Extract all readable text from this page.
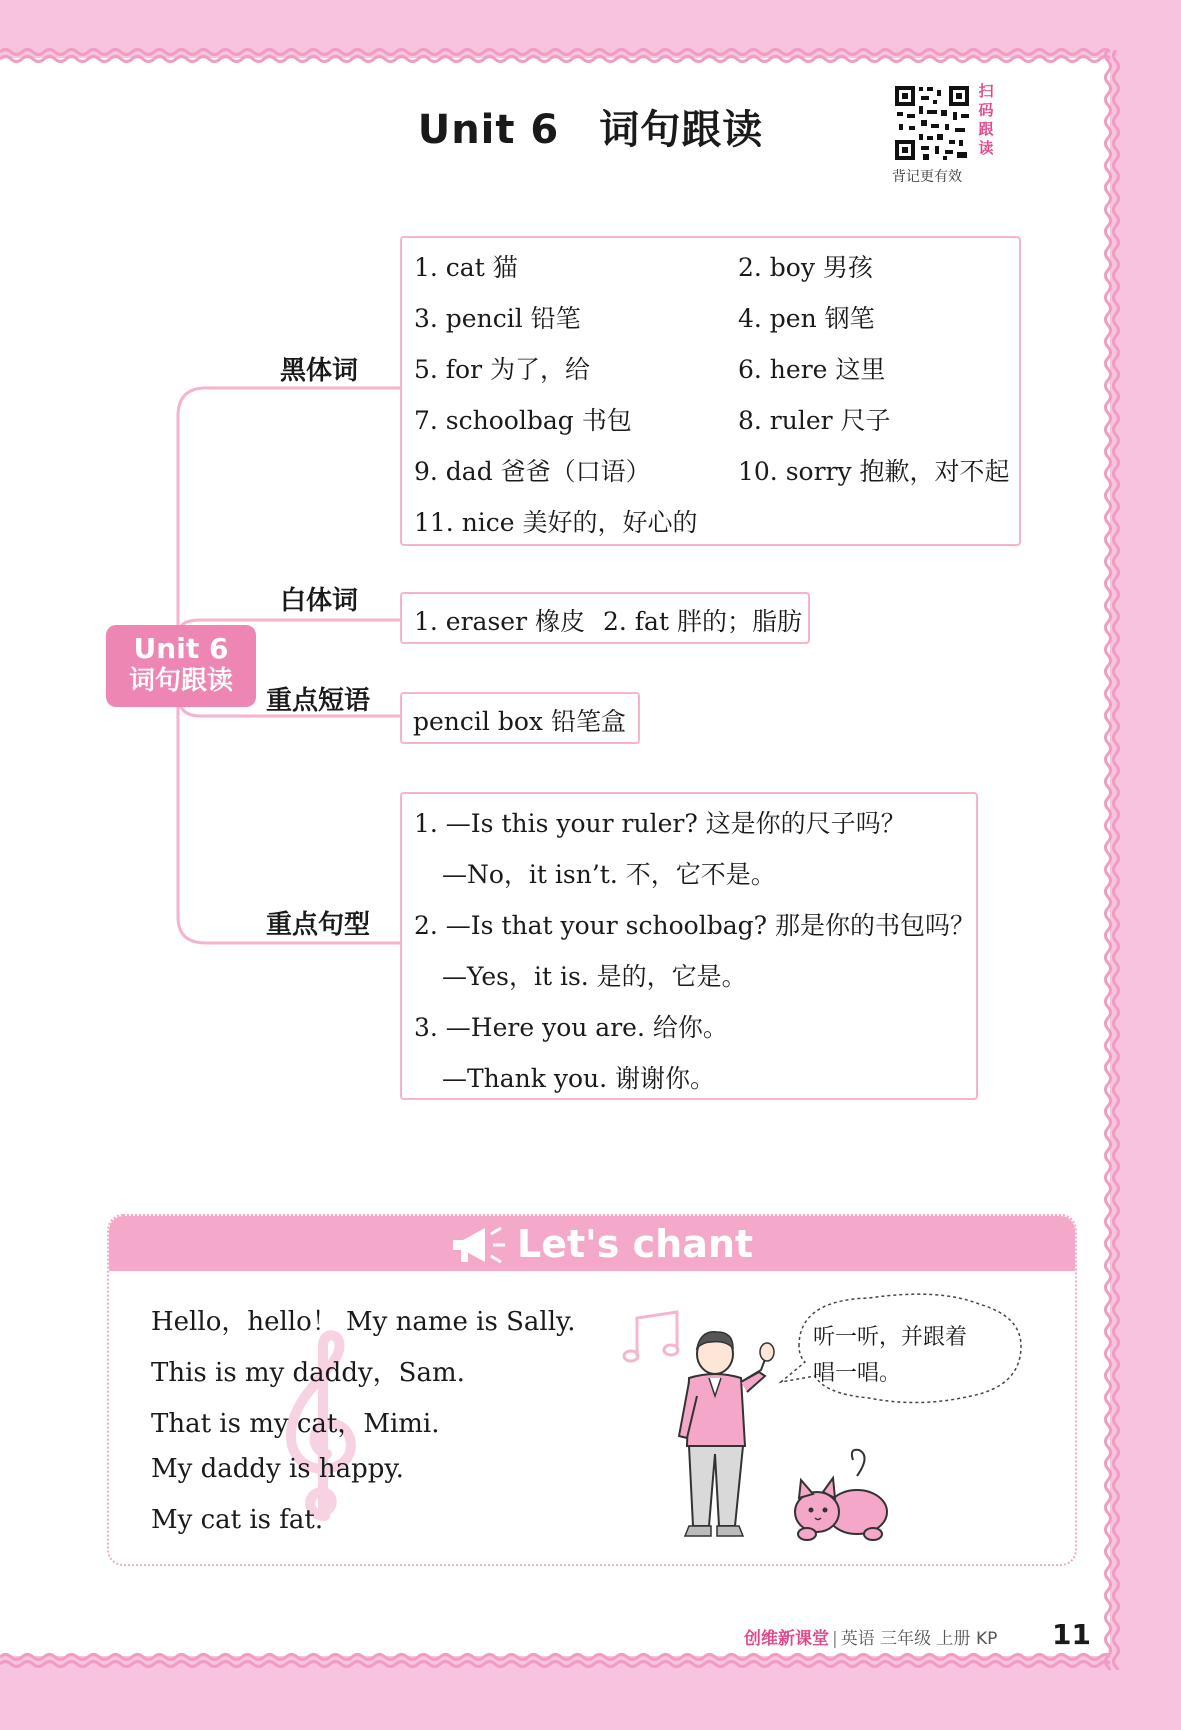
Unit 6 词句跟读
扫码跟读
背记更有效
Unit 6
词句跟读
黑体词
白体词
重点短语
重点句型
1. cat 猫	2. boy 男孩
3. pencil 铅笔	4. pen 钢笔
5. for 为了，给	6. here 这里
7. schoolbag 书包	8. ruler 尺子
9. dad 爸爸（口语）	10. sorry 抱歉，对不起
11. nice 美好的，好心的
1. eraser 橡皮 2. fat 胖的；脂肪
pencil box 铅笔盒
1. —Is this your ruler? 这是你的尺子吗？
—No，it isn’t. 不，它不是。
2. —Is that your schoolbag? 那是你的书包吗？
—Yes，it is. 是的，它是。
3. —Here you are. 给你。
—Thank you. 谢谢你。
Let's chant
Hello，hello！ My name is Sally.
This is my daddy，Sam.
That is my cat，Mimi.
My daddy is happy.
My cat is fat.
听一听，并跟着
唱一唱。
创维新课堂 | 英语 三年级 上册 KP 11
